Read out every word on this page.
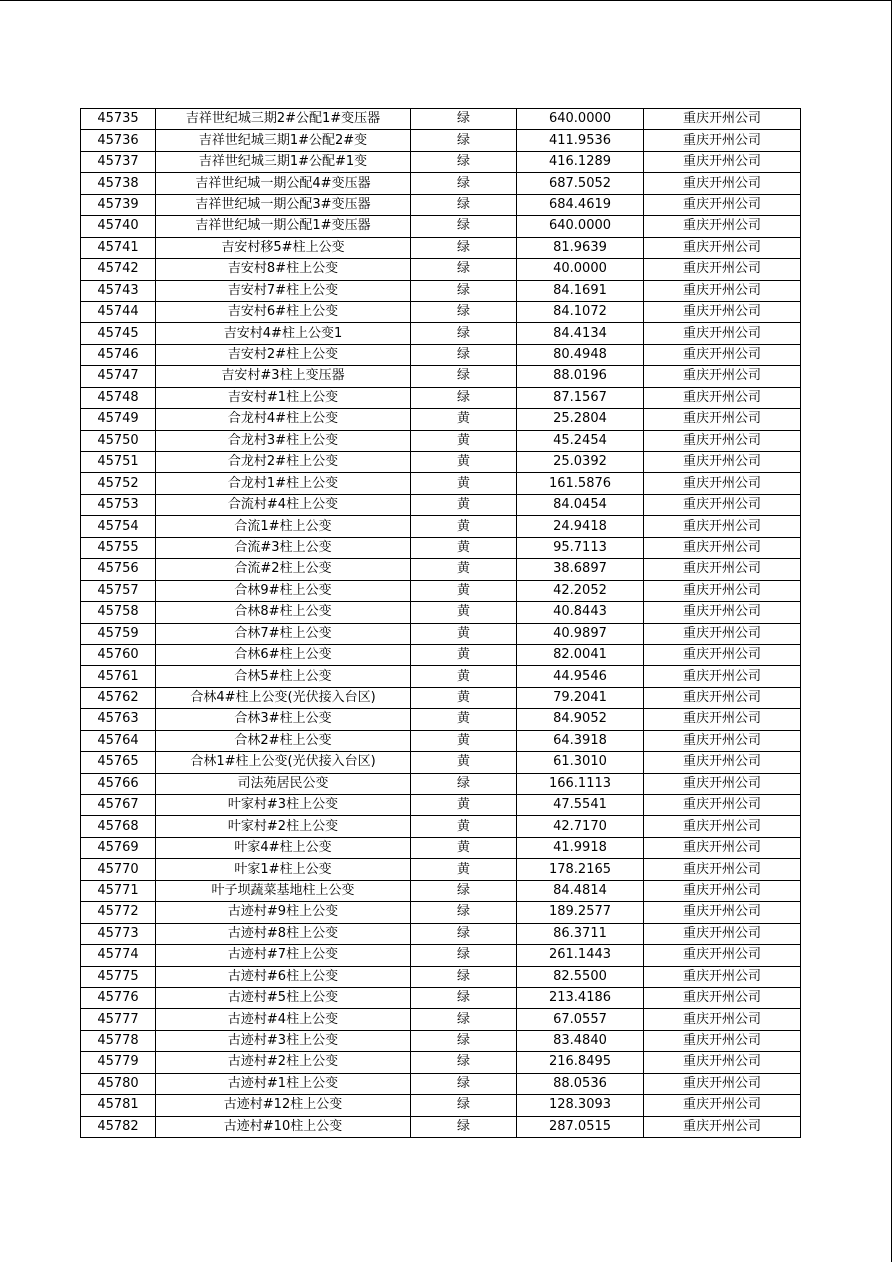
45735	吉祥世纪城三期2#公配1#变压器	绿	640.0000	重庆开州公司
45736	吉祥世纪城三期1#公配2#变	绿	411.9536	重庆开州公司
45737	吉祥世纪城三期1#公配#1变	绿	416.1289	重庆开州公司
45738	吉祥世纪城一期公配4#变压器	绿	687.5052	重庆开州公司
45739	吉祥世纪城一期公配3#变压器	绿	684.4619	重庆开州公司
45740	吉祥世纪城一期公配1#变压器	绿	640.0000	重庆开州公司
45741	吉安村移5#柱上公变	绿	81.9639	重庆开州公司
45742	吉安村8#柱上公变	绿	40.0000	重庆开州公司
45743	吉安村7#柱上公变	绿	84.1691	重庆开州公司
45744	吉安村6#柱上公变	绿	84.1072	重庆开州公司
45745	吉安村4#柱上公变1	绿	84.4134	重庆开州公司
45746	吉安村2#柱上公变	绿	80.4948	重庆开州公司
45747	吉安村#3柱上变压器	绿	88.0196	重庆开州公司
45748	吉安村#1柱上公变	绿	87.1567	重庆开州公司
45749	合龙村4#柱上公变	黄	25.2804	重庆开州公司
45750	合龙村3#柱上公变	黄	45.2454	重庆开州公司
45751	合龙村2#柱上公变	黄	25.0392	重庆开州公司
45752	合龙村1#柱上公变	黄	161.5876	重庆开州公司
45753	合流村#4柱上公变	黄	84.0454	重庆开州公司
45754	合流1#柱上公变	黄	24.9418	重庆开州公司
45755	合流#3柱上公变	黄	95.7113	重庆开州公司
45756	合流#2柱上公变	黄	38.6897	重庆开州公司
45757	合林9#柱上公变	黄	42.2052	重庆开州公司
45758	合林8#柱上公变	黄	40.8443	重庆开州公司
45759	合林7#柱上公变	黄	40.9897	重庆开州公司
45760	合林6#柱上公变	黄	82.0041	重庆开州公司
45761	合林5#柱上公变	黄	44.9546	重庆开州公司
45762	合林4#柱上公变(光伏接入台区)	黄	79.2041	重庆开州公司
45763	合林3#柱上公变	黄	84.9052	重庆开州公司
45764	合林2#柱上公变	黄	64.3918	重庆开州公司
45765	合林1#柱上公变(光伏接入台区)	黄	61.3010	重庆开州公司
45766	司法苑居民公变	绿	166.1113	重庆开州公司
45767	叶家村#3柱上公变	黄	47.5541	重庆开州公司
45768	叶家村#2柱上公变	黄	42.7170	重庆开州公司
45769	叶家4#柱上公变	黄	41.9918	重庆开州公司
45770	叶家1#柱上公变	黄	178.2165	重庆开州公司
45771	叶子坝蔬菜基地柱上公变	绿	84.4814	重庆开州公司
45772	古迹村#9柱上公变	绿	189.2577	重庆开州公司
45773	古迹村#8柱上公变	绿	86.3711	重庆开州公司
45774	古迹村#7柱上公变	绿	261.1443	重庆开州公司
45775	古迹村#6柱上公变	绿	82.5500	重庆开州公司
45776	古迹村#5柱上公变	绿	213.4186	重庆开州公司
45777	古迹村#4柱上公变	绿	67.0557	重庆开州公司
45778	古迹村#3柱上公变	绿	83.4840	重庆开州公司
45779	古迹村#2柱上公变	绿	216.8495	重庆开州公司
45780	古迹村#1柱上公变	绿	88.0536	重庆开州公司
45781	古迹村#12柱上公变	绿	128.3093	重庆开州公司
45782	古迹村#10柱上公变	绿	287.0515	重庆开州公司
